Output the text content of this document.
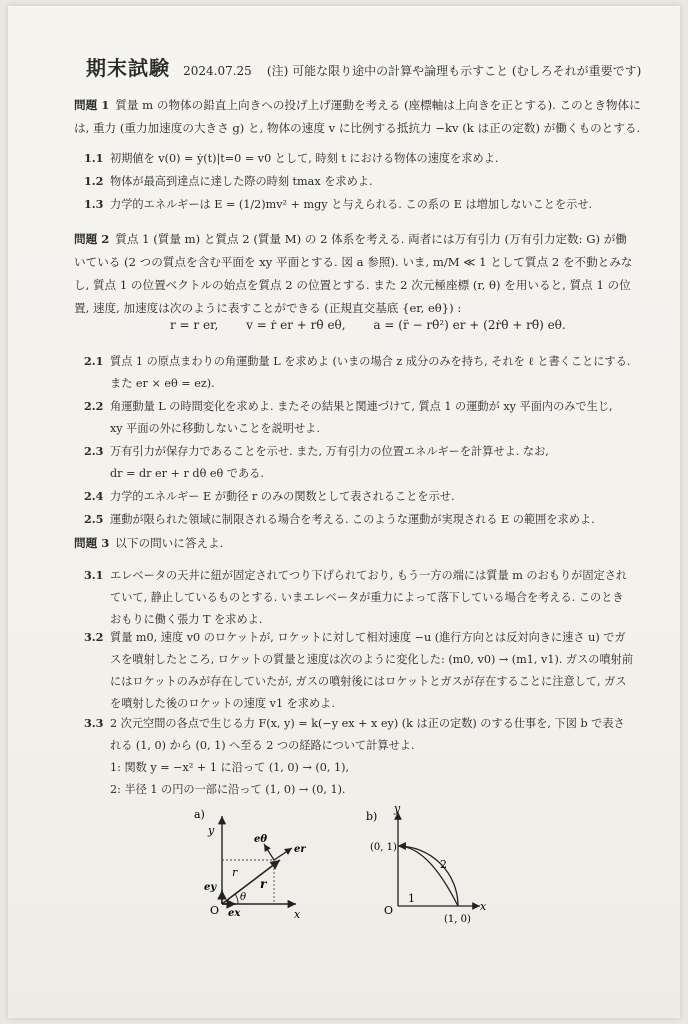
期末試験 2024.07.25 (注) 可能な限り途中の計算や論理も示すこと (むしろそれが重要です)
問題 1 質量 m の物体の鉛直上向きへの投げ上げ運動を考える (座標軸は上向きを正とする). このとき物体に
は, 重力 (重力加速度の大きさ g) と, 物体の速度 v に比例する抵抗力 −kv (k は正の定数) が働くものとする.
1.1 初期値を v(0) = ẏ(t)|t=0 = v0 として, 時刻 t における物体の速度を求めよ.
1.2 物体が最高到達点に達した際の時刻 tmax を求めよ.
1.3 力学的エネルギーは E = (1/2)mv² + mgy と与えられる. この系の E は増加しないことを示せ.
問題 2 質点 1 (質量 m) と質点 2 (質量 M) の 2 体系を考える. 両者には万有引力 (万有引力定数: G) が働
いている (2 つの質点を含む平面を xy 平面とする. 図 a 参照). いま, m/M ≪ 1 として質点 2 を不動とみな
し, 質点 1 の位置ベクトルの始点を質点 2 の位置とする. また 2 次元極座標 (r, θ) を用いると, 質点 1 の位
置, 速度, 加速度は次のように表すことができる (正規直交基底 {er, eθ}) :
r = r er, v = ṙ er + rθ̇ eθ, a = (r̈ − rθ̇²) er + (2ṙθ̇ + rθ̈) eθ.
2.1 質点 1 の原点まわりの角運動量 L を求めよ (いまの場合 z 成分のみを持ち, それを ℓ と書くことにする.
また er × eθ = ez).
2.2 角運動量 L の時間変化を求めよ. またその結果と関連づけて, 質点 1 の運動が xy 平面内のみで生じ,
xy 平面の外に移動しないことを説明せよ.
2.3 万有引力が保存力であることを示せ. また, 万有引力の位置エネルギーを計算せよ. なお,
dr = dr er + r dθ eθ である.
2.4 力学的エネルギー E が動径 r のみの関数として表されることを示せ.
2.5 運動が限られた領域に制限される場合を考える. このような運動が実現される E の範囲を求めよ.
問題 3 以下の問いに答えよ.
3.1 エレベータの天井に紐が固定されてつり下げられており, もう一方の端には質量 m のおもりが固定され
ていて, 静止しているものとする. いまエレベータが重力によって落下している場合を考える. このとき
おもりに働く張力 T を求めよ.
3.2 質量 m0, 速度 v0 のロケットが, ロケットに対して相対速度 −u (進行方向とは反対向きに速さ u) でガ
スを噴射したところ, ロケットの質量と速度は次のように変化した: (m0, v0) → (m1, v1). ガスの噴射前
にはロケットのみが存在していたが, ガスの噴射後にはロケットとガスが存在することに注意して, ガス
を噴射した後のロケットの速度 v1 を求めよ.
3.3 2 次元空間の各点で生じる力 F(x, y) = k(−y ex + x ey) (k は正の定数) のする仕事を, 下図 b で表さ
れる (1, 0) から (0, 1) へ至る 2 つの経路について計算せよ.
1: 関数 y = −x² + 1 に沿って (1, 0) → (0, 1),
2: 半径 1 の円の一部に沿って (1, 0) → (0, 1).
a)
y
x
O
eθ
er
ey
ex
r
r
θ
b)
y
x
O
(0, 1)
(1, 0)
1
2
